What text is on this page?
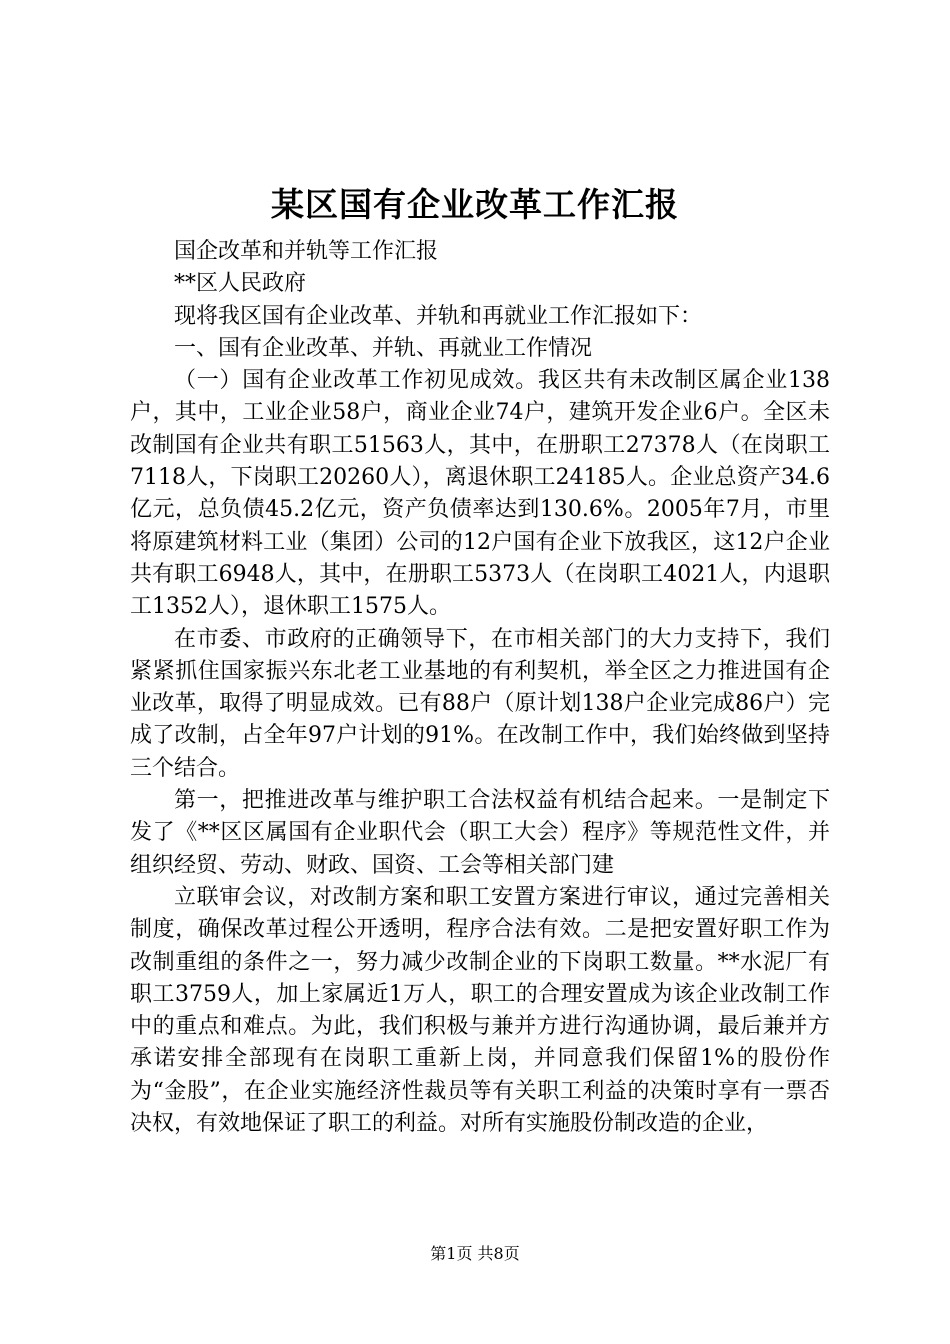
某区国有企业改革工作汇报

国企改革和并轨等工作汇报

**区人民政府

现将我区国有企业改革、并轨和再就业工作汇报如下：

一、国有企业改革、并轨、再就业工作情况

（一）国有企业改革工作初见成效。我区共有未改制区属企业138户，其中，工业企业58户，商业企业74户，建筑开发企业6户。全区未改制国有企业共有职工51563人，其中，在册职工27378人（在岗职工7118人，下岗职工20260人），离退休职工24185人。企业总资产34.6亿元，总负债45.2亿元，资产负债率达到130.6%。2005年7月，市里将原建筑材料工业（集团）公司的12户国有企业下放我区，这12户企业共有职工6948人，其中，在册职工5373人（在岗职工4021人，内退职工1352人），退休职工1575人。

在市委、市政府的正确领导下，在市相关部门的大力支持下，我们紧紧抓住国家振兴东北老工业基地的有利契机，举全区之力推进国有企业改革，取得了明显成效。已有88户（原计划138户企业完成86户）完成了改制，占全年97户计划的91%。在改制工作中，我们始终做到坚持三个结合。

第一，把推进改革与维护职工合法权益有机结合起来。一是制定下发了《**区区属国有企业职代会（职工大会）程序》等规范性文件，并组织经贸、劳动、财政、国资、工会等相关部门建

立联审会议，对改制方案和职工安置方案进行审议，通过完善相关制度，确保改革过程公开透明，程序合法有效。二是把安置好职工作为改制重组的条件之一，努力减少改制企业的下岗职工数量。**水泥厂有职工3759人，加上家属近1万人，职工的合理安置成为该企业改制工作中的重点和难点。为此，我们积极与兼并方进行沟通协调，最后兼并方承诺安排全部现有在岗职工重新上岗，并同意我们保留1%的股份作为“金股”，在企业实施经济性裁员等有关职工利益的决策时享有一票否决权，有效地保证了职工的利益。对所有实施股份制改造的企业，

第1页 共8页
